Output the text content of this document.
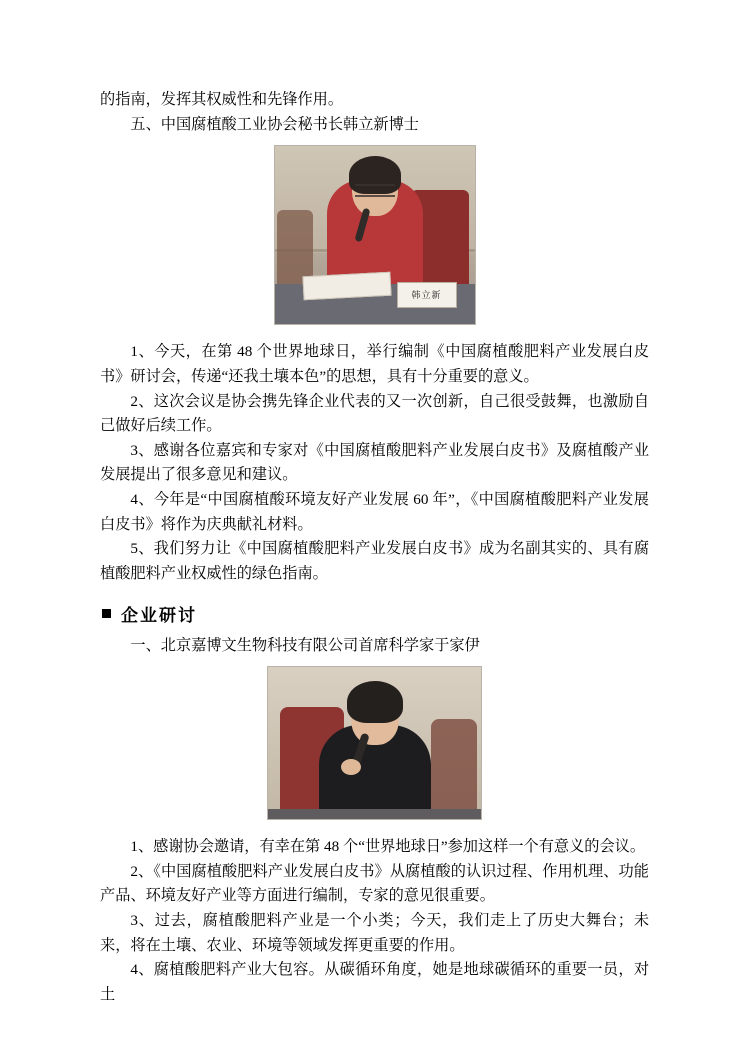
的指南，发挥其权威性和先锋作用。

五、中国腐植酸工业协会秘书长韩立新博士

韩立新

1、今天，在第 48 个世界地球日，举行编制《中国腐植酸肥料产业发展白皮书》研讨会，传递“还我土壤本色”的思想，具有十分重要的意义。

2、这次会议是协会携先锋企业代表的又一次创新，自己很受鼓舞，也激励自己做好后续工作。

3、感谢各位嘉宾和专家对《中国腐植酸肥料产业发展白皮书》及腐植酸产业发展提出了很多意见和建议。

4、今年是“中国腐植酸环境友好产业发展 60 年”，《中国腐植酸肥料产业发展白皮书》将作为庆典献礼材料。

5、我们努力让《中国腐植酸肥料产业发展白皮书》成为名副其实的、具有腐植酸肥料产业权威性的绿色指南。

企业研讨

一、北京嘉博文生物科技有限公司首席科学家于家伊

1、感谢协会邀请，有幸在第 48 个“世界地球日”参加这样一个有意义的会议。

2、《中国腐植酸肥料产业发展白皮书》从腐植酸的认识过程、作用机理、功能产品、环境友好产业等方面进行编制，专家的意见很重要。

3、过去，腐植酸肥料产业是一个小类；今天，我们走上了历史大舞台；未来，将在土壤、农业、环境等领域发挥更重要的作用。

4、腐植酸肥料产业大包容。从碳循环角度，她是地球碳循环的重要一员，对土
